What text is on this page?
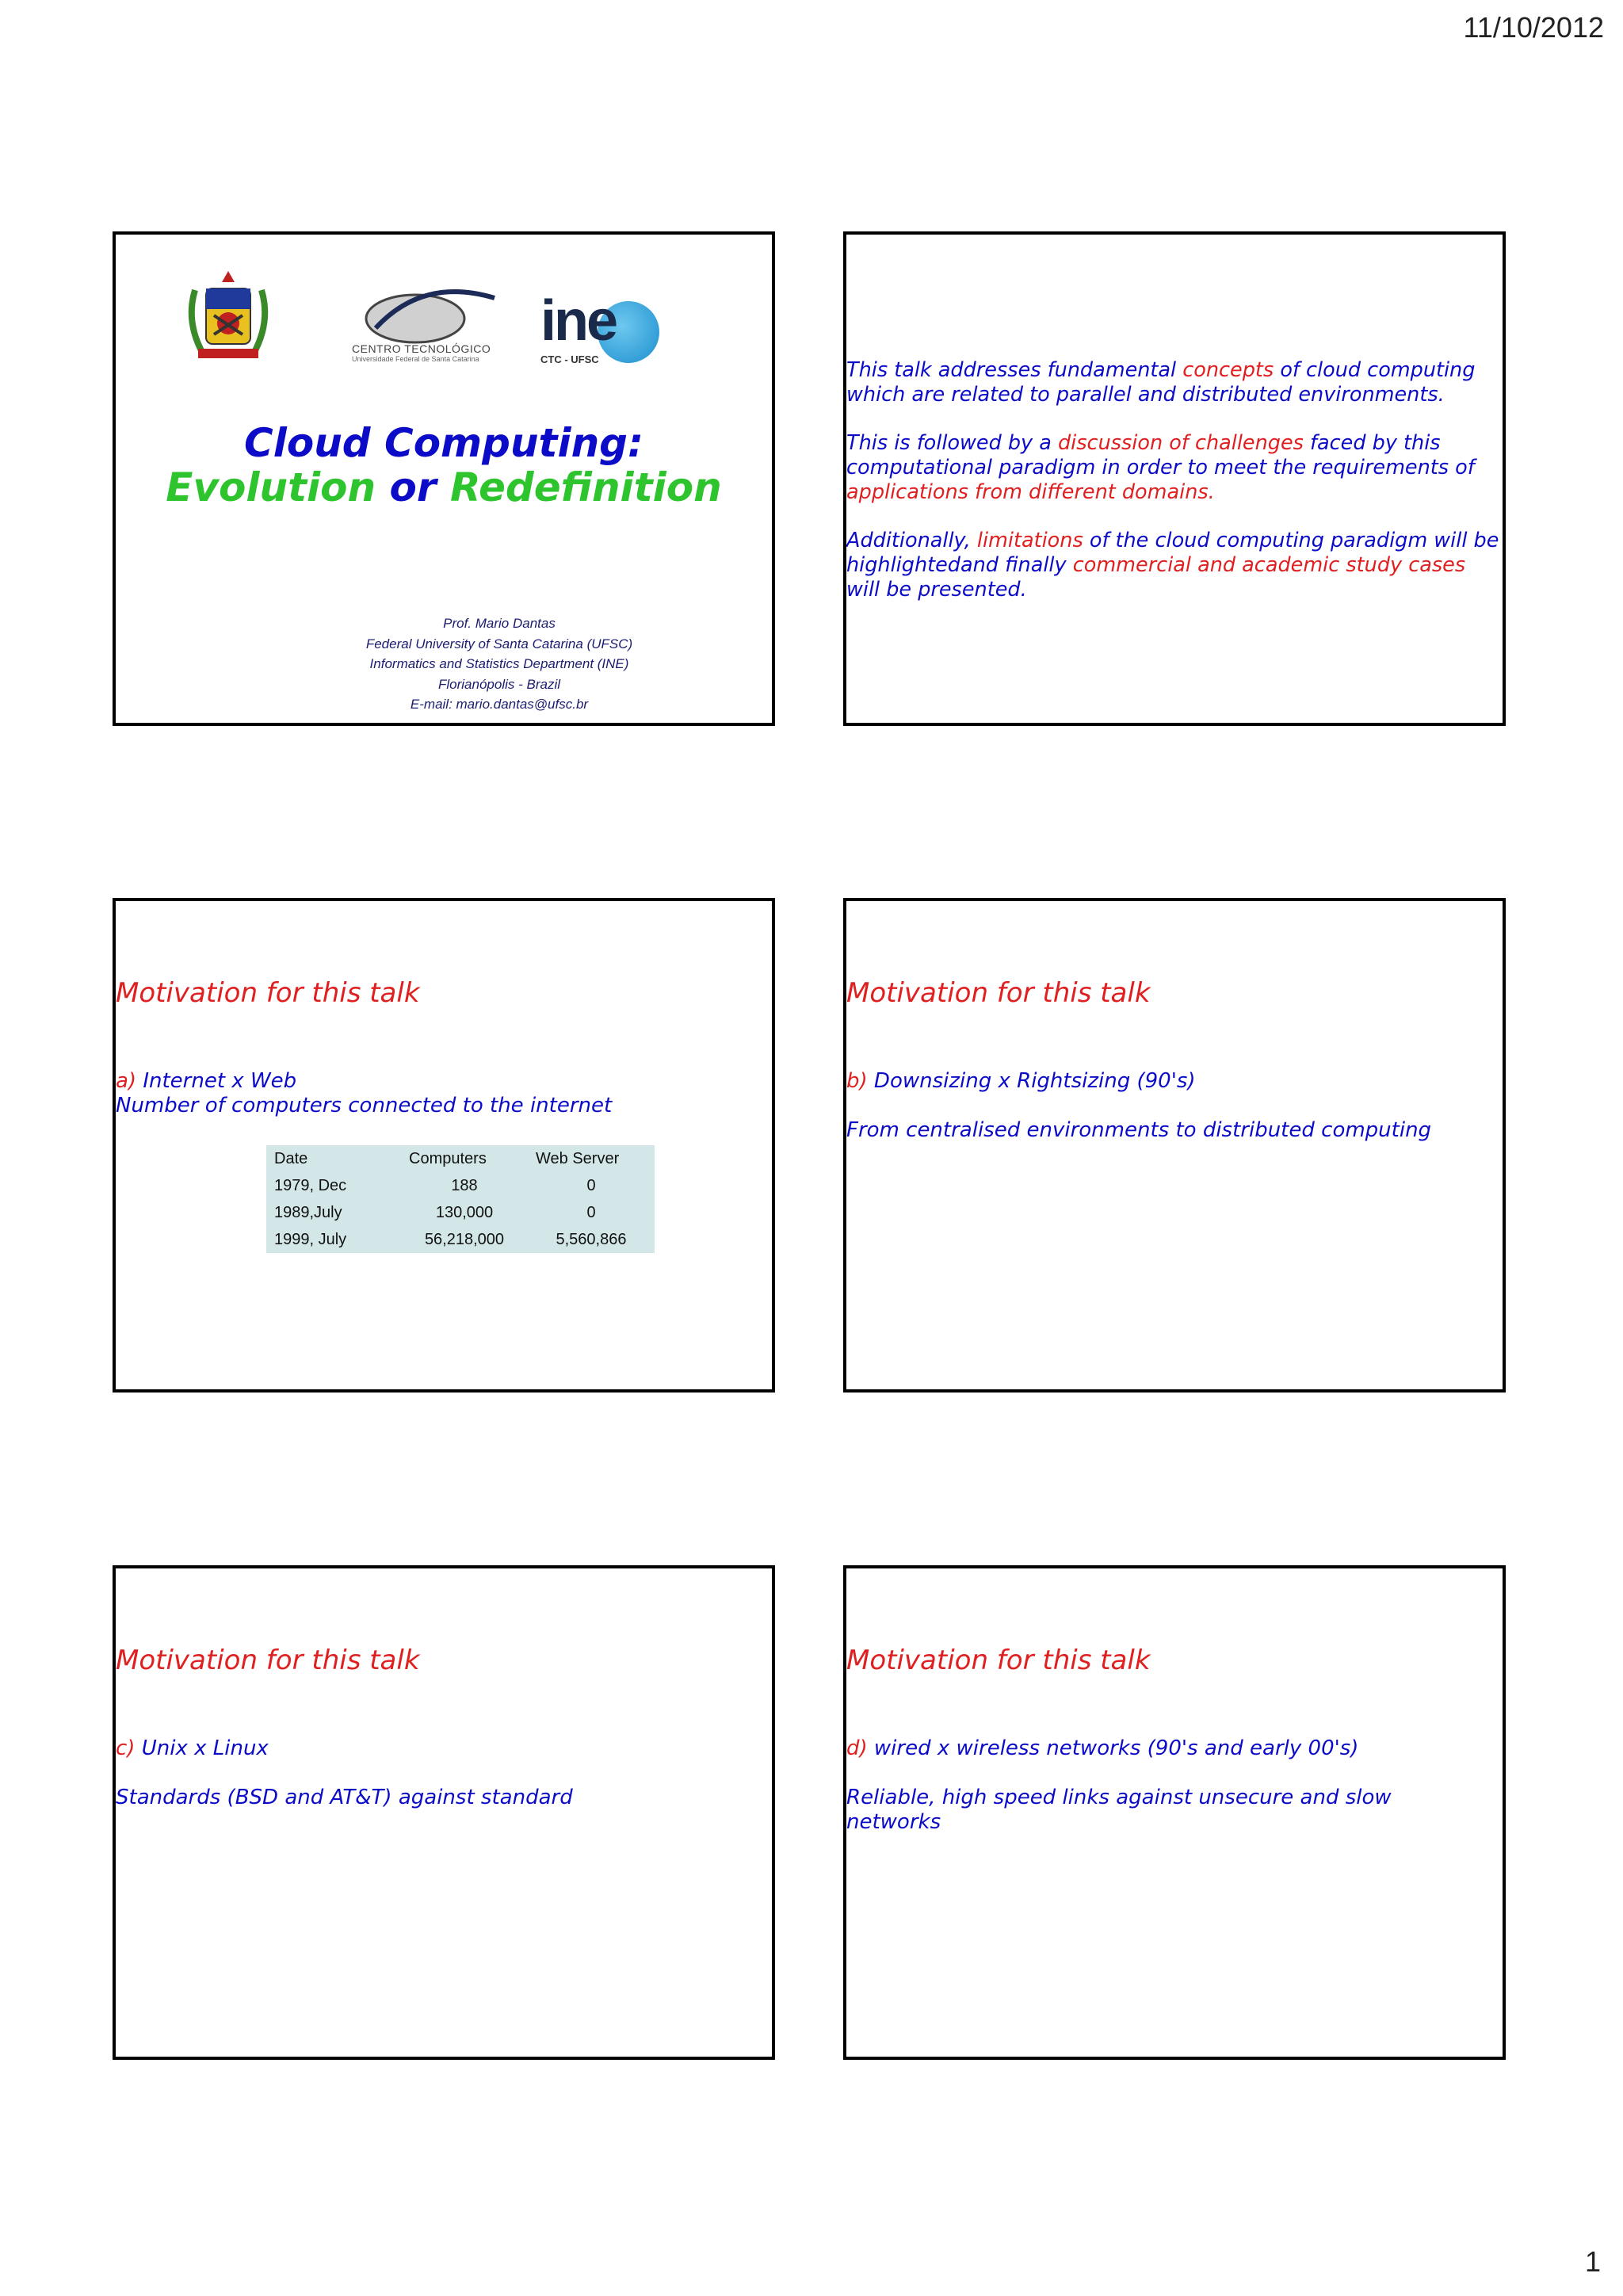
11/10/2012
CENTRO TECNOLÓGICO
Universidade Federal de Santa Catarina
ine
CTC - UFSC
Cloud Computing:
Evolution or Redefinition
Prof. Mario Dantas
Federal University of Santa Catarina (UFSC)
Informatics and Statistics Department (INE)
Florianópolis - Brazil
E-mail: mario.dantas@ufsc.br

This talk addresses fundamental concepts of cloud computing which are related to parallel and distributed environments.

This is followed by a discussion of challenges faced by this computational paradigm in order to meet the requirements of applications from different domains.

Additionally, limitations of the cloud computing paradigm will be highlightedand finally commercial and academic study cases will be presented.

Motivation for this talk
a) Internet x Web
Number of computers connected to the internet
Date	Computers	Web Server
1979, Dec	188	0
1989,July	130,000	0
1999, July	56,218,000	5,560,866
Motivation for this talk
b) Downsizing x Rightsizing (90's)
From centralised environments to distributed computing
Motivation for this talk
c) Unix x Linux
Standards (BSD and AT&T) against standard
Motivation for this talk
d) wired x wireless networks (90's and early 00's)
Reliable, high speed links against unsecure and slow networks
1
